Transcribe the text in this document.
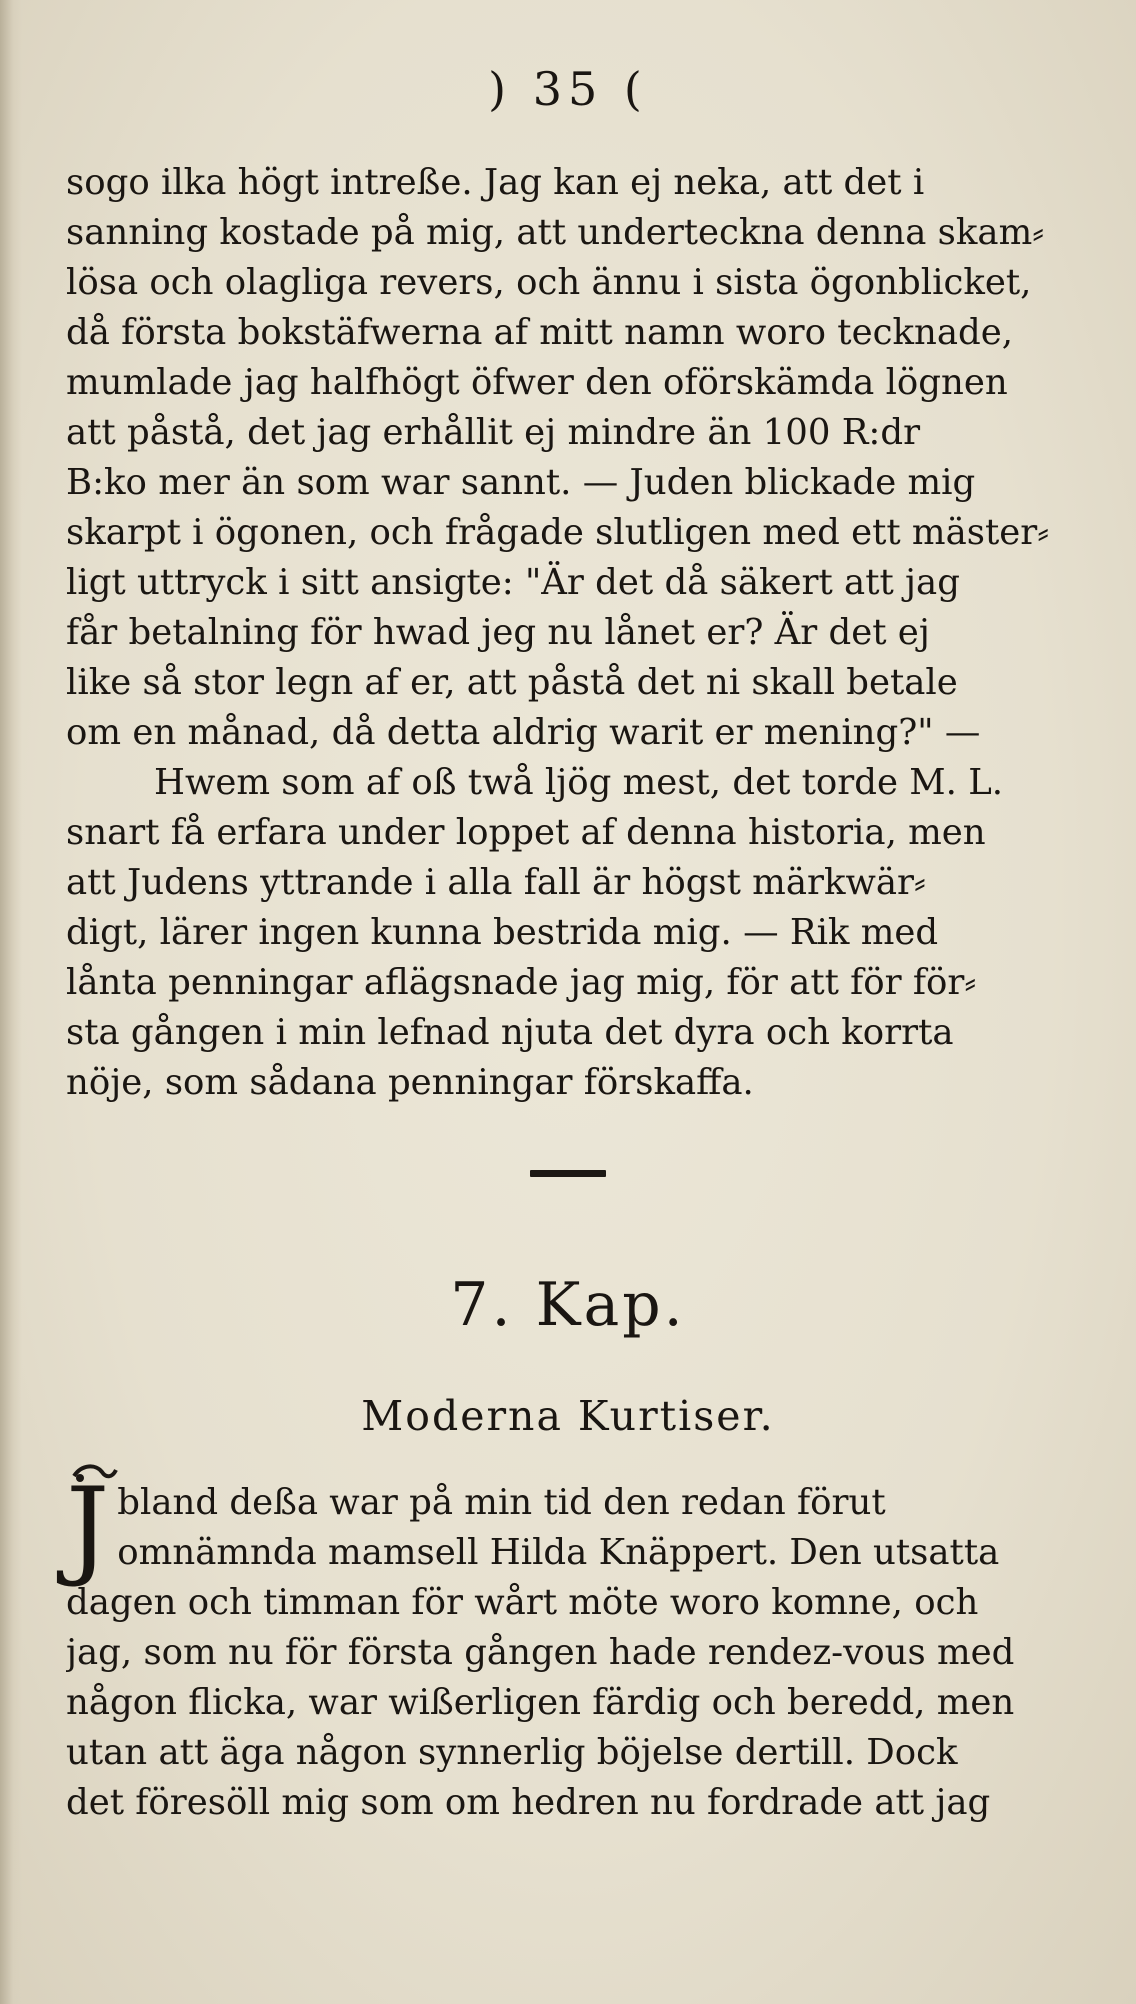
) 35 (
sogo ilka högt intreße. Jag kan ej neka, att det i
sanning kostade på mig, att underteckna denna skam⸗
lösa och olagliga revers, och ännu i sista ögonblicket,
då första bokstäfwerna af mitt namn woro tecknade,
mumlade jag halfhögt öfwer den oförskämda lögnen
att påstå, det jag erhållit ej mindre än 100 R:dr
B:ko mer än som war sannt. — Juden blickade mig
skarpt i ögonen, och frågade slutligen med ett mäster⸗
ligt uttryck i sitt ansigte: "Är det då säkert att jag
får betalning för hwad jeg nu lånet er? Är det ej
like så stor legn af er, att påstå det ni skall betale
om en månad, då detta aldrig warit er mening?" —
Hwem som af oß twå ljög mest, det torde M. L.
snart få erfara under loppet af denna historia, men
att Judens yttrande i alla fall är högst märkwär⸗
digt, lärer ingen kunna bestrida mig. — Rik med
lånta penningar aflägsnade jag mig, för att för för⸗
sta gången i min lefnad njuta det dyra och korrta
nöje, som sådana penningar förskaffa.
7. Kap.
Moderna Kurtiser.
J bland deßa war på min tid den redan förut
omnämnda mamsell Hilda Knäppert. Den utsatta
dagen och timman för wårt möte woro komne, och
jag, som nu för första gången hade rendez-vous med
någon flicka, war wißerligen färdig och beredd, men
utan att äga någon synnerlig böjelse dertill. Dock
det föresöll mig som om hedren nu fordrade att jag
